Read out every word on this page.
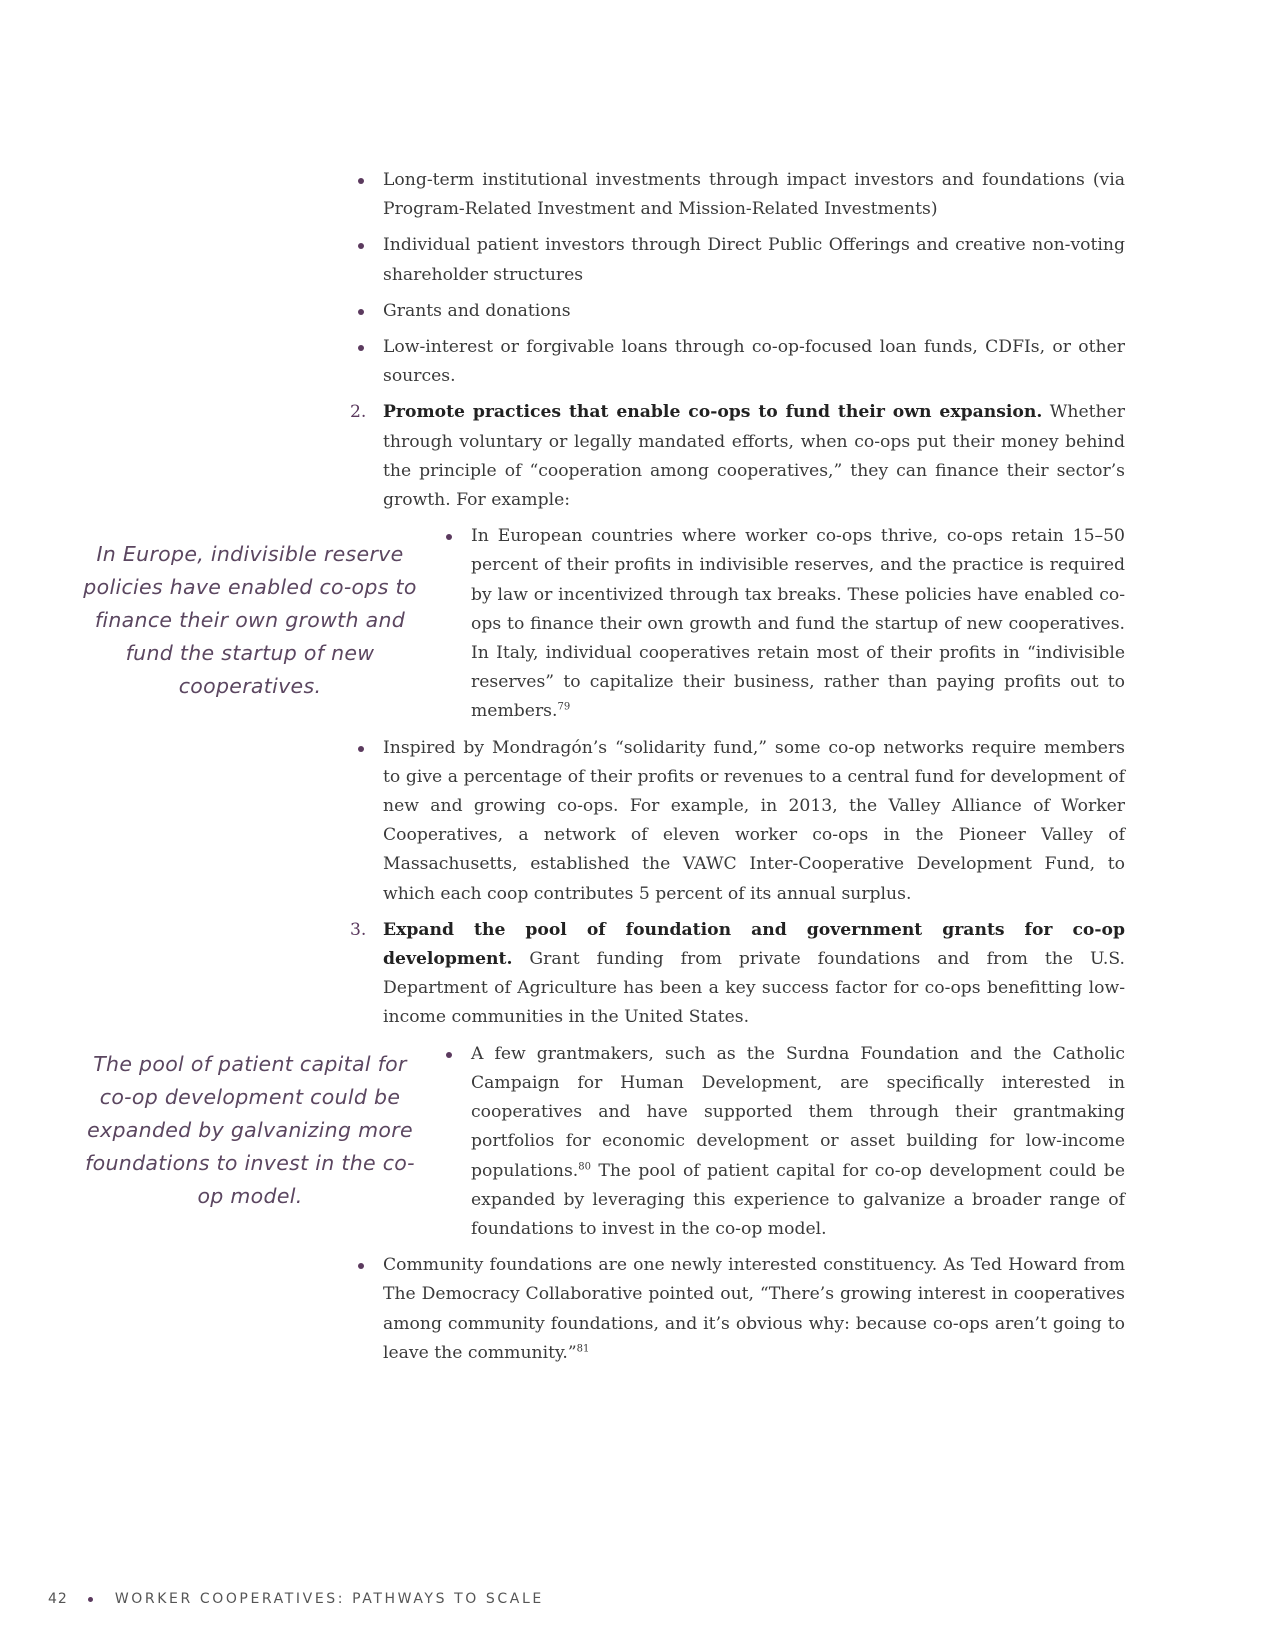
Long-term institutional investments through impact investors and foundations (via Program-Related Investment and Mission-Related Investments)
Individual patient investors through Direct Public Offerings and creative non-voting shareholder structures
Grants and donations
Low-interest or forgivable loans through co-op-focused loan funds, CDFIs, or other sources.
2. Promote practices that enable co-ops to fund their own expansion. Whether through voluntary or legally mandated efforts, when co-ops put their money behind the principle of “cooperation among cooperatives,” they can finance their sector’s growth. For example:

In European countries where worker co-ops thrive, co-ops retain 15–50 percent of their profits in indivisible reserves, and the practice is required by law or incentivized through tax breaks. These policies have enabled co-ops to finance their own growth and fund the startup of new cooperatives. In Italy, individual cooperatives retain most of their profits in “indivisible reserves” to capitalize their business, rather than paying profits out to members.$^{79}$
Inspired by Mondragón’s “solidarity fund,” some co-op networks require members to give a percentage of their profits or revenues to a central fund for development of new and growing co-ops. For example, in 2013, the Valley Alliance of Worker Cooperatives, a network of eleven worker co-ops in the Pioneer Valley of Massachusetts, established the VAWC Inter-Cooperative Development Fund, to which each coop contributes 5 percent of its annual surplus.
3. Expand the pool of foundation and government grants for co-op development. Grant funding from private foundations and from the U.S. Department of Agriculture has been a key success factor for co-ops benefitting low-income communities in the United States.

A few grantmakers, such as the Surdna Foundation and the Catholic Campaign for Human Development, are specifically interested in cooperatives and have supported them through their grantmaking portfolios for economic development or asset building for low-income populations.$^{80}$ The pool of patient capital for co-op development could be expanded by leveraging this experience to galvanize a broader range of foundations to invest in the co-op model.
Community foundations are one newly interested constituency. As Ted Howard from The Democracy Collaborative pointed out, “There’s growing interest in cooperatives among community foundations, and it’s obvious why: because co-ops aren’t going to leave the community.”$^{81}$
In Europe, indivisible reserve policies have enabled co-ops to finance their own growth and fund the startup of new cooperatives.
The pool of patient capital for co-op development could be expanded by galvanizing more foundations to invest in the co-op model.
42	WORKER COOPERATIVES: PATHWAYS TO SCALE
